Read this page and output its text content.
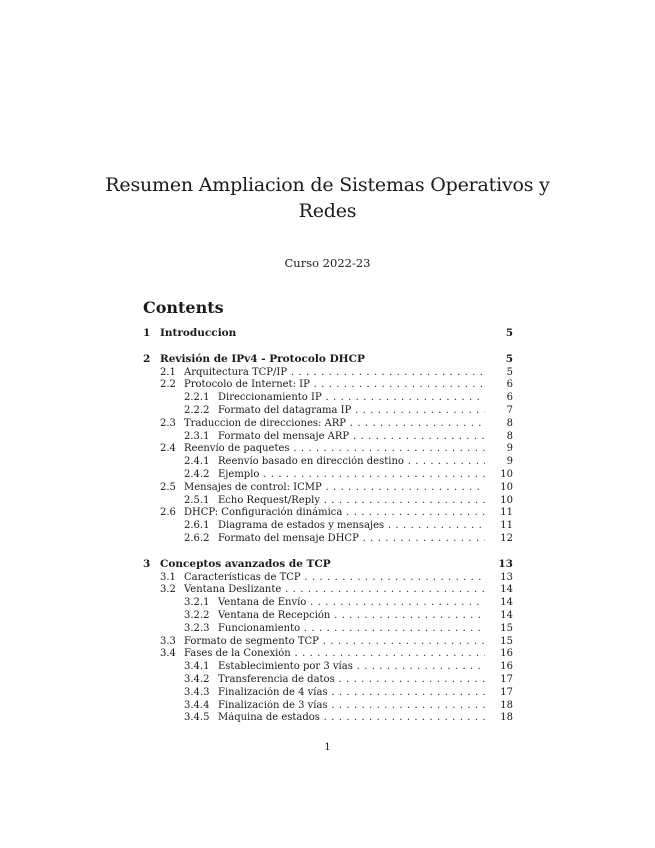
Resumen Ampliacion de Sistemas Operativos y Redes
Curso 2022-23
Contents
1 Introduccion	5
2 Revisión de IPv4 - Protocolo DHCP	5
2.1 Arquitectura TCP/IP . . .	5
2.2 Protocolo de Internet: IP . . .	6
2.2.1 Direccionamiento IP . . .	6
2.2.2 Formato del datagrama IP . . .	7
2.3 Traduccion de direcciones: ARP . . .	8
2.3.1 Formato del mensaje ARP . . .	8
2.4 Reenvío de paquetes . . .	9
2.4.1 Reenvío basado en dirección destino . . .	9
2.4.2 Ejemplo . . .	10
2.5 Mensajes de control: ICMP . . .	10
2.5.1 Echo Request/Reply . . .	10
2.6 DHCP: Configuración dinámica . . .	11
2.6.1 Diagrama de estados y mensajes . . .	11
2.6.2 Formato del mensaje DHCP . . .	12
3 Conceptos avanzados de TCP	13
3.1 Características de TCP . . .	13
3.2 Ventana Deslizante . . .	14
3.2.1 Ventana de Envío . . .	14
3.2.2 Ventana de Recepción . . .	14
3.2.3 Funcionamiento . . .	15
3.3 Formato de segmento TCP . . .	15
3.4 Fases de la Conexión . . .	16
3.4.1 Establecimiento por 3 vías . . .	16
3.4.2 Transferencia de datos . . .	17
3.4.3 Finalización de 4 vías . . .	17
3.4.4 Finalización de 3 vías . . .	18
3.4.5 Máquina de estados . . .	18
1
